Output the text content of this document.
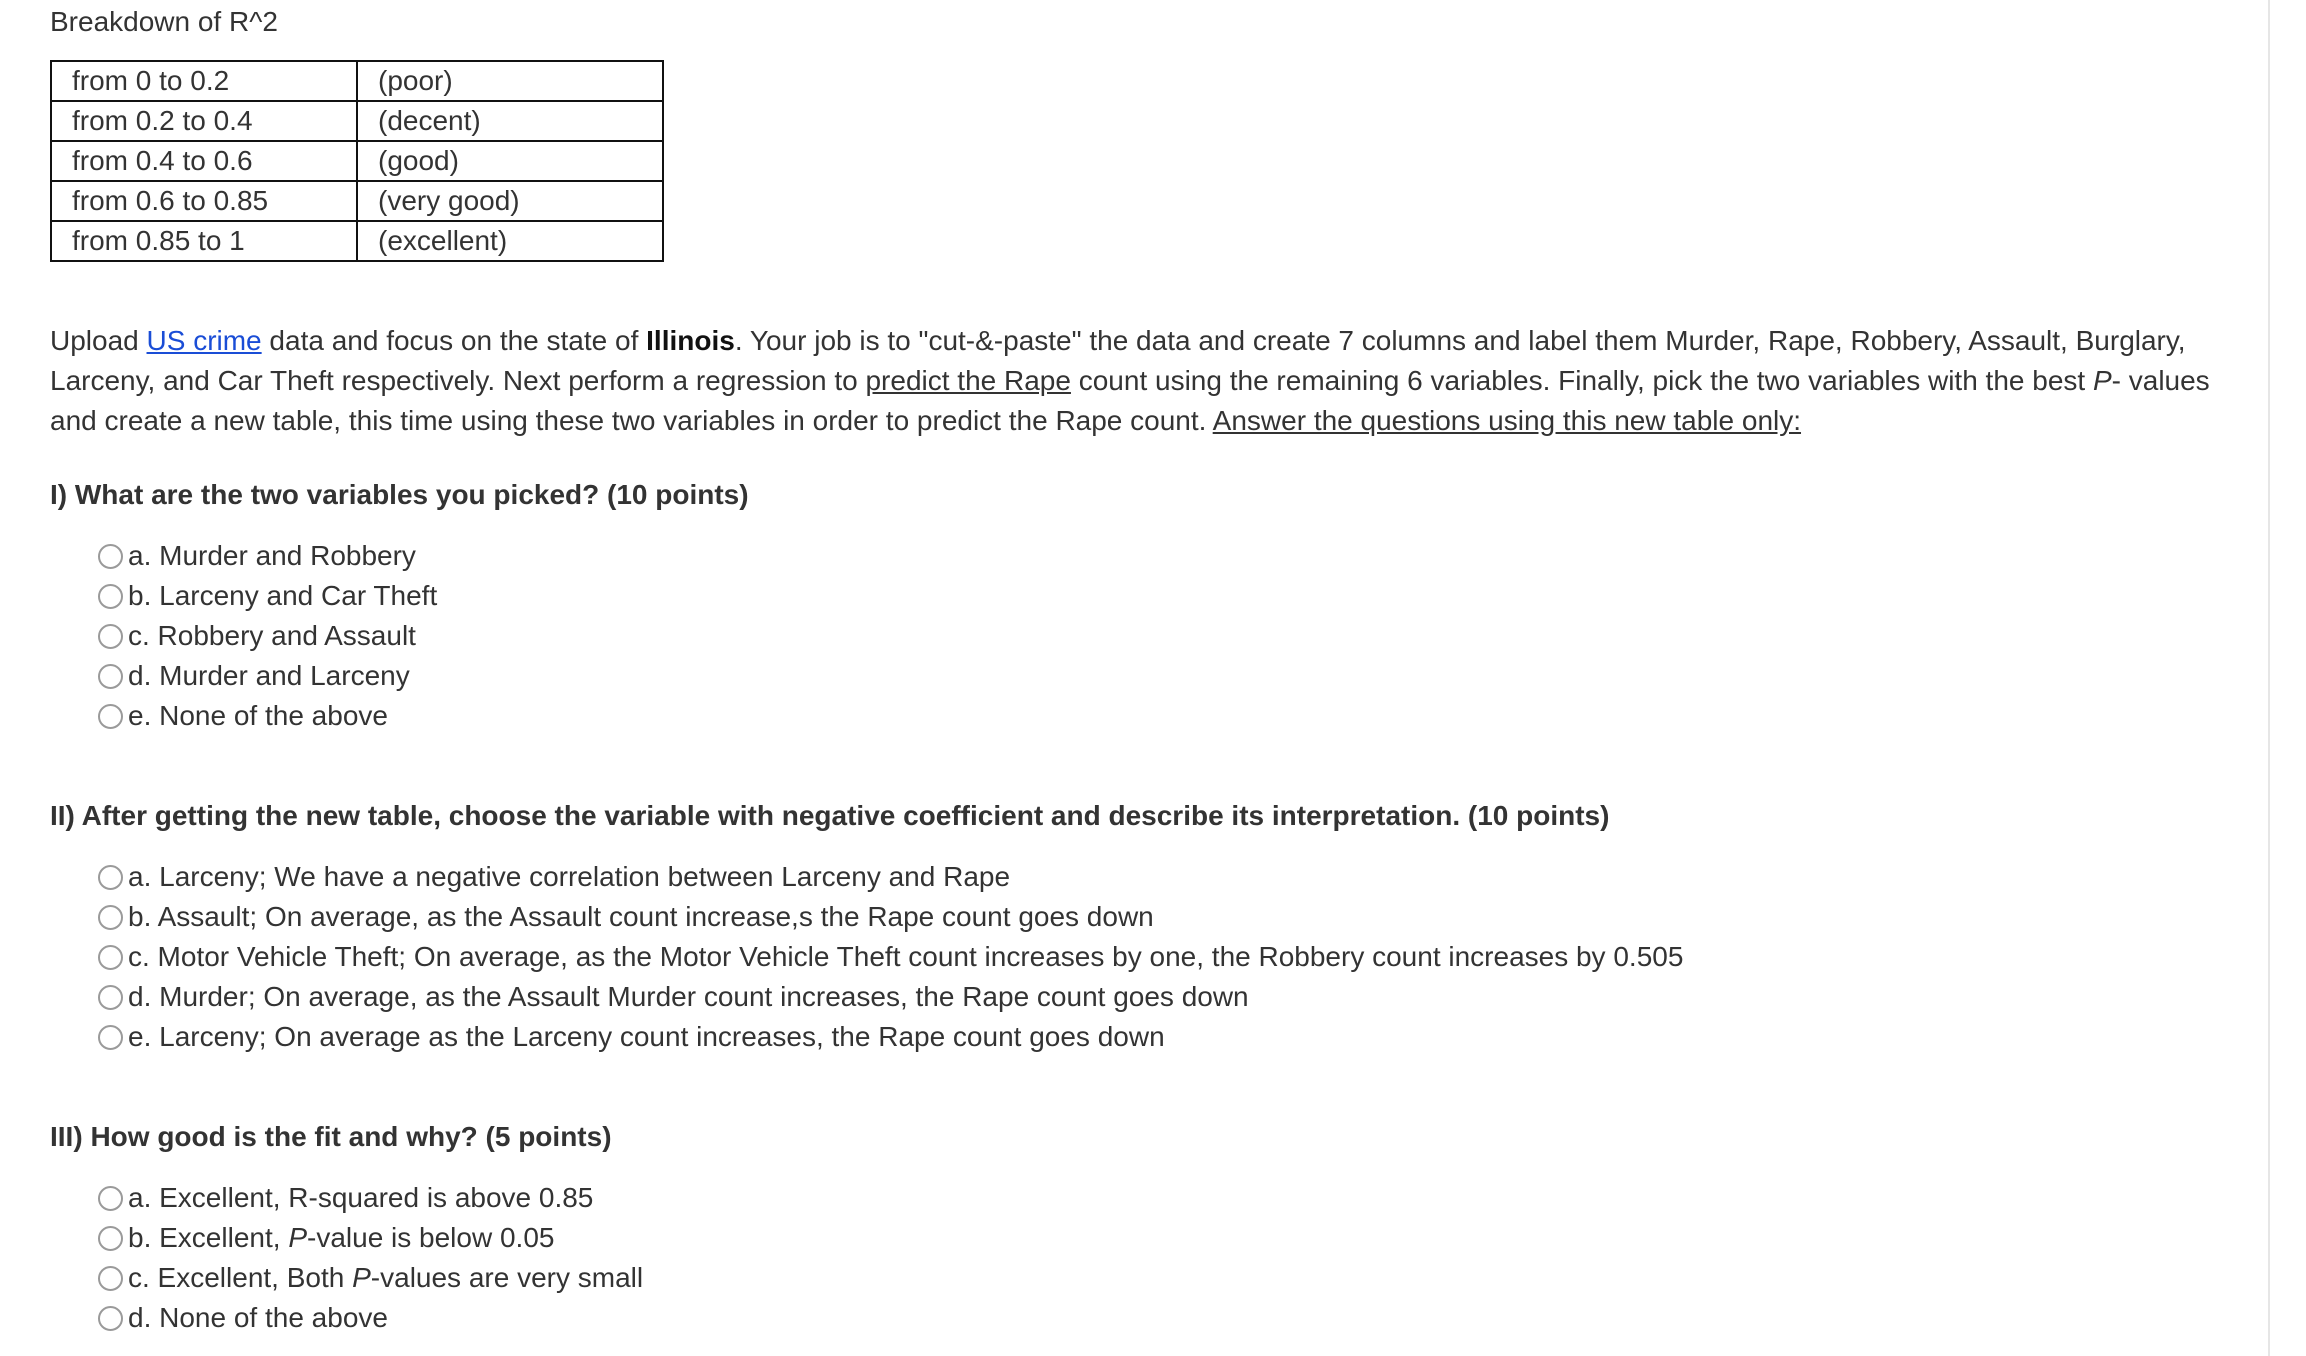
Breakdown of R^2
from 0 to 0.2	(poor)
from 0.2 to 0.4	(decent)
from 0.4 to 0.6	(good)
from 0.6 to 0.85	(very good)
from 0.85 to 1	(excellent)

Upload US crime data and focus on the state of Illinois. Your job is to "cut-&-paste" the data and create 7 columns and label them Murder, Rape, Robbery, Assault, Burglary, Larceny, and Car Theft respectively. Next perform a regression to predict the Rape count using the remaining 6 variables. Finally, pick the two variables with the best P- values and create a new table, this time using these two variables in order to predict the Rape count. Answer the questions using this new table only:

I) What are the two variables you picked? (10 points)

a. Murder and Robbery
b. Larceny and Car Theft
c. Robbery and Assault
d. Murder and Larceny
e. None of the above

II) After getting the new table, choose the variable with negative coefficient and describe its interpretation. (10 points)

a. Larceny; We have a negative correlation between Larceny and Rape
b. Assault; On average, as the Assault count increase,s the Rape count goes down
c. Motor Vehicle Theft; On average, as the Motor Vehicle Theft count increases by one, the Robbery count increases by 0.505
d. Murder; On average, as the Assault Murder count increases, the Rape count goes down
e. Larceny; On average as the Larceny count increases, the Rape count goes down

III) How good is the fit and why? (5 points)

a. Excellent, R-squared is above 0.85
b. Excellent, P-value is below 0.05
c. Excellent, Both P-values are very small
d. None of the above
